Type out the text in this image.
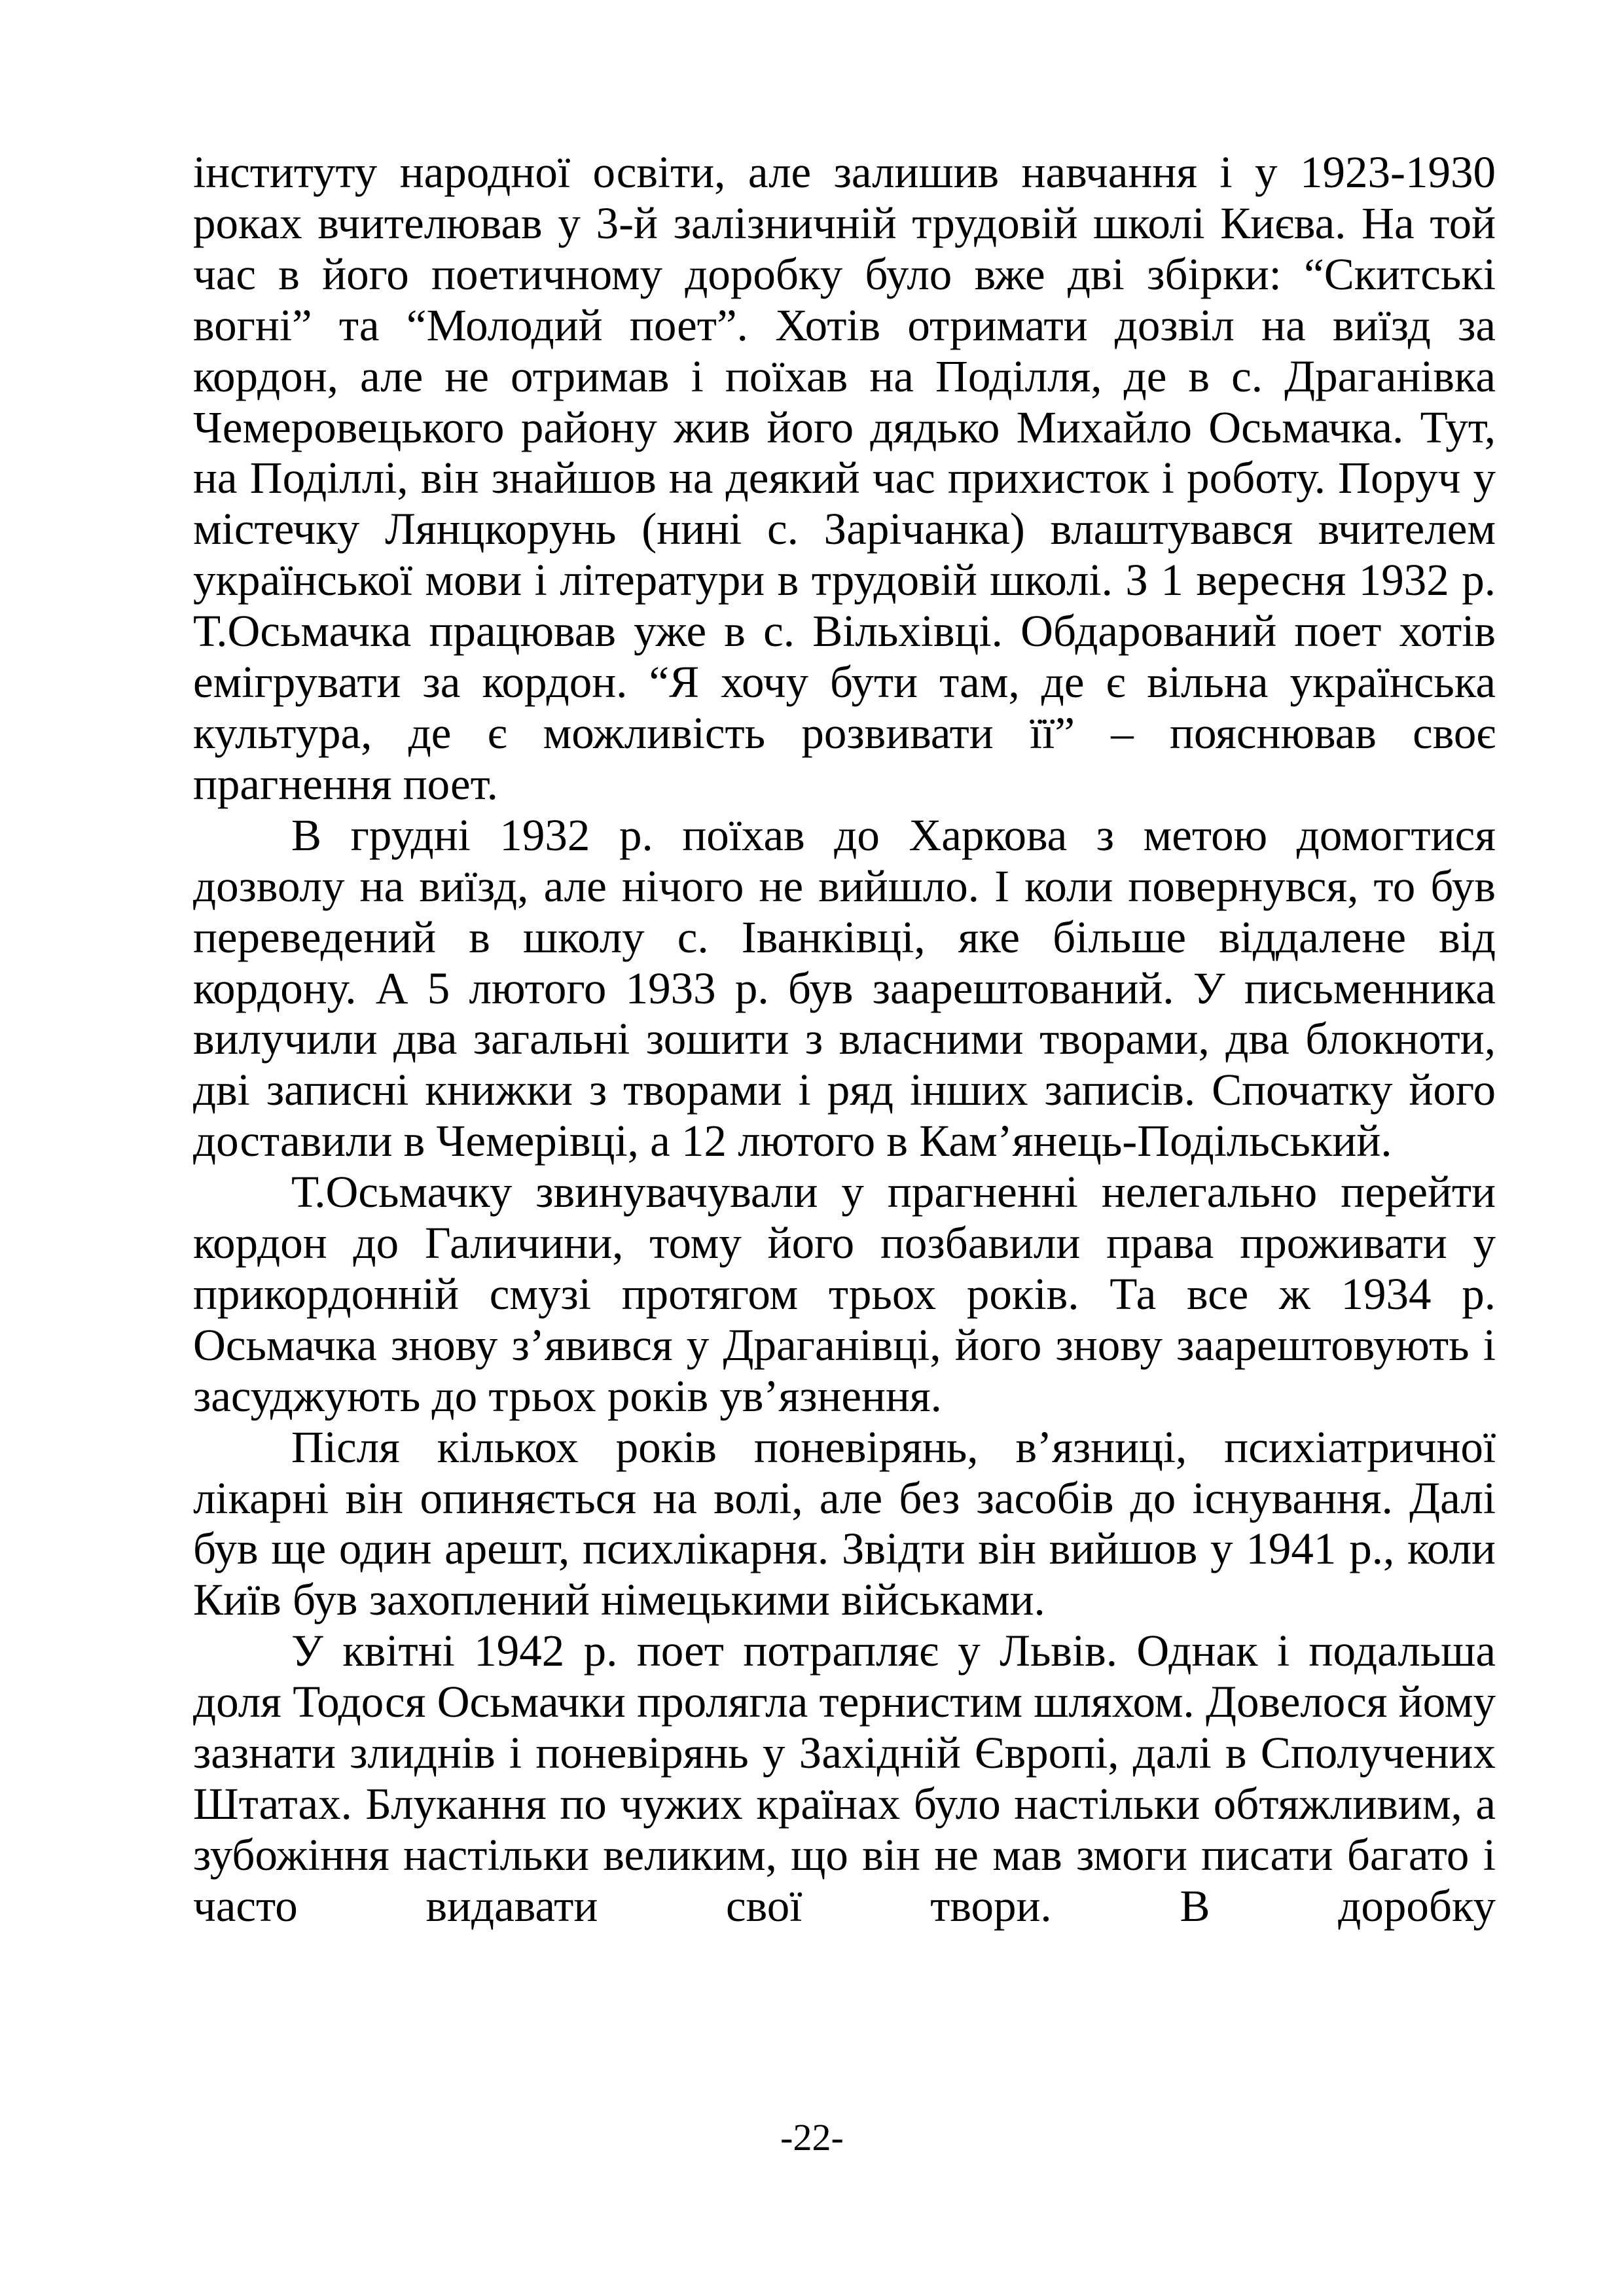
інституту народної освіти, але залишив навчання і у 1923-1930 роках вчителював у 3-й залізничній трудовій школі Києва. На той час в його поетичному доробку було вже дві збірки: “Скитські вогні” та “Молодий поет”. Хотів отримати дозвіл на виїзд за кордон, але не отримав і поїхав на Поділля, де в с. Драганівка Чемеровецького району жив його дядько Михайло Осьмачка. Тут, на Поділлі, він знайшов на деякий час прихисток і роботу. Поруч у містечку Лянцкорунь (нині с. Зарічанка) влаштувався вчителем української мови і літератури в трудовій школі. З 1 вересня 1932 р. Т.Осьмачка працював уже в с. Вільхівці. Обдарований поет хотів емігрувати за кордон. “Я хочу бути там, де є вільна українська культура, де є можливість розвивати її” – пояснював своє прагнення поет.

В грудні 1932 р. поїхав до Харкова з метою домогтися дозволу на виїзд, але нічого не вийшло. І коли повернувся, то був переведений в школу с. Іванківці, яке більше віддалене від кордону. А 5 лютого 1933 р. був заарештований. У письменника вилучили два загальні зошити з власними творами, два блокноти, дві записні книжки з творами і ряд інших записів. Спочатку його доставили в Чемерівці, а 12 лютого в Кам’янець-Подільський.

Т.Осьмачку звинувачували у прагненні нелегально перейти кордон до Галичини, тому його позбавили права проживати у прикордонній смузі протягом трьох років. Та все ж 1934 р. Осьмачка знову з’явився у Драганівці, його знову заарештовують і засуджують до трьох років ув’язнення.

Після кількох років поневірянь, в’язниці, психіатричної лікарні він опиняється на волі, але без засобів до існування. Далі був ще один арешт, психлікарня. Звідти він вийшов у 1941 р., коли Київ був захоплений німецькими військами.

У квітні 1942 р. поет потрапляє у Львів. Однак і подальша доля Тодося Осьмачки пролягла тернистим шляхом. Довелося йому зазнати злиднів і поневірянь у Західній Європі, далі в Сполучених Штатах. Блукання по чужих країнах було настільки обтяжливим, а зубожіння настільки великим, що він не мав змоги писати багато і часто видавати свої твори. В доробку

-22-
